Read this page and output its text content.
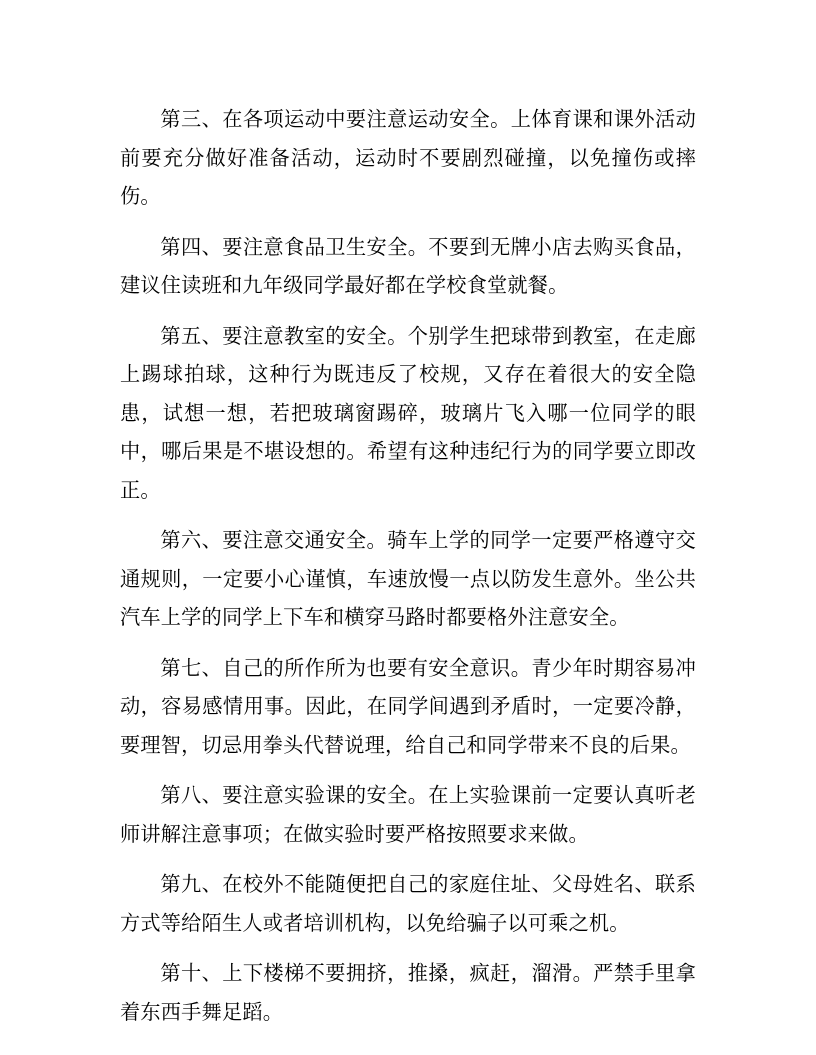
第三、在各项运动中要注意运动安全。上体育课和课外活动前要充分做好准备活动，运动时不要剧烈碰撞，以免撞伤或摔伤。

第四、要注意食品卫生安全。不要到无牌小店去购买食品，建议住读班和九年级同学最好都在学校食堂就餐。

第五、要注意教室的安全。个别学生把球带到教室，在走廊上踢球拍球，这种行为既违反了校规，又存在着很大的安全隐患，试想一想，若把玻璃窗踢碎，玻璃片飞入哪一位同学的眼中，哪后果是不堪设想的。希望有这种违纪行为的同学要立即改正。

第六、要注意交通安全。骑车上学的同学一定要严格遵守交通规则，一定要小心谨慎，车速放慢一点以防发生意外。坐公共汽车上学的同学上下车和横穿马路时都要格外注意安全。

第七、自己的所作所为也要有安全意识。青少年时期容易冲动，容易感情用事。因此，在同学间遇到矛盾时，一定要冷静，要理智，切忌用拳头代替说理，给自己和同学带来不良的后果。

第八、要注意实验课的安全。在上实验课前一定要认真听老师讲解注意事项；在做实验时要严格按照要求来做。

第九、在校外不能随便把自己的家庭住址、父母姓名、联系方式等给陌生人或者培训机构，以免给骗子以可乘之机。

第十、上下楼梯不要拥挤，推搡，疯赶，溜滑。严禁手里拿着东西手舞足蹈。
